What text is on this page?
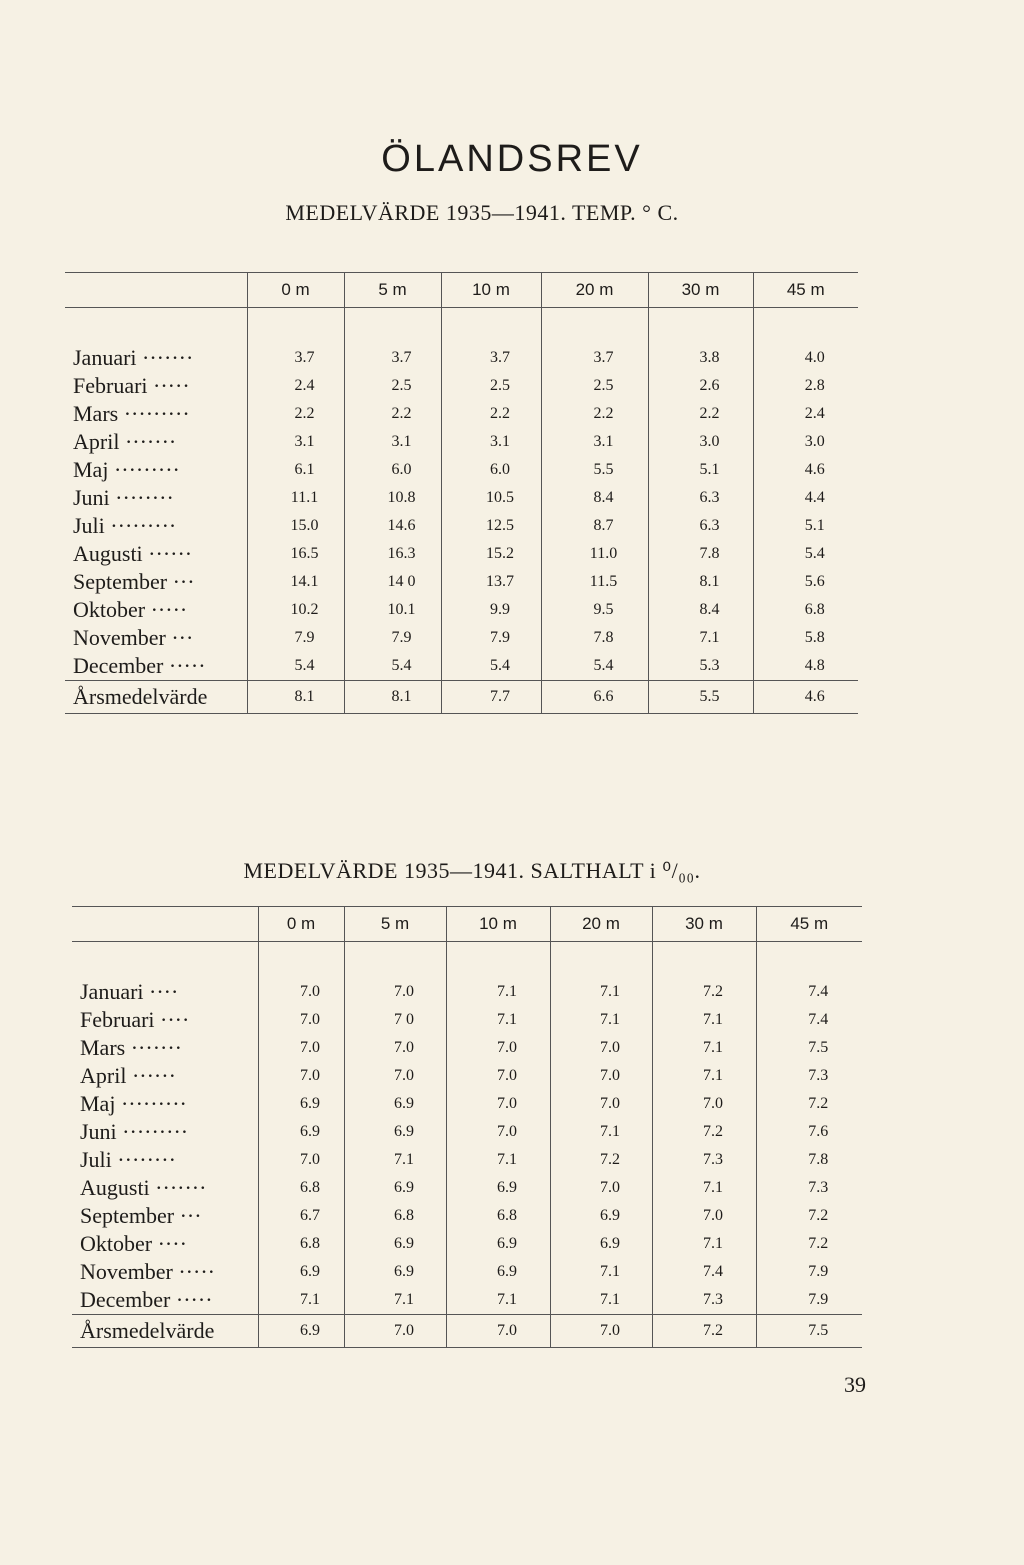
ÖLANDSREV
MEDELVÄRDE 1935—1941. TEMP. ° C.
	0 m	5 m	10 m	20 m	30 m	45 m

Januari ·······	3.7	3.7	3.7	3.7	3.8	4.0
Februari ·····	2.4	2.5	2.5	2.5	2.6	2.8
Mars ·········	2.2	2.2	2.2	2.2	2.2	2.4
April ·······	3.1	3.1	3.1	3.1	3.0	3.0
Maj ·········	6.1	6.0	6.0	5.5	5.1	4.6
Juni ········	11.1	10.8	10.5	8.4	6.3	4.4
Juli ·········	15.0	14.6	12.5	8.7	6.3	5.1
Augusti ······	16.5	16.3	15.2	11.0	7.8	5.4
September ···	14.1	14 0	13.7	11.5	8.1	5.6
Oktober ·····	10.2	10.1	9.9	9.5	8.4	6.8
November ···	7.9	7.9	7.9	7.8	7.1	5.8
December ·····	5.4	5.4	5.4	5.4	5.3	4.8
Årsmedelvärde	8.1	8.1	7.7	6.6	5.5	4.6
MEDELVÄRDE 1935—1941. SALTHALT i ⁰/₀₀.
	0 m	5 m	10 m	20 m	30 m	45 m

Januari ····	7.0	7.0	7.1	7.1	7.2	7.4
Februari ····	7.0	7 0	7.1	7.1	7.1	7.4
Mars ·······	7.0	7.0	7.0	7.0	7.1	7.5
April ······	7.0	7.0	7.0	7.0	7.1	7.3
Maj ·········	6.9	6.9	7.0	7.0	7.0	7.2
Juni ·········	6.9	6.9	7.0	7.1	7.2	7.6
Juli ········	7.0	7.1	7.1	7.2	7.3	7.8
Augusti ·······	6.8	6.9	6.9	7.0	7.1	7.3
September ···	6.7	6.8	6.8	6.9	7.0	7.2
Oktober ····	6.8	6.9	6.9	6.9	7.1	7.2
November ·····	6.9	6.9	6.9	7.1	7.4	7.9
December ·····	7.1	7.1	7.1	7.1	7.3	7.9
Årsmedelvärde	6.9	7.0	7.0	7.0	7.2	7.5
39
